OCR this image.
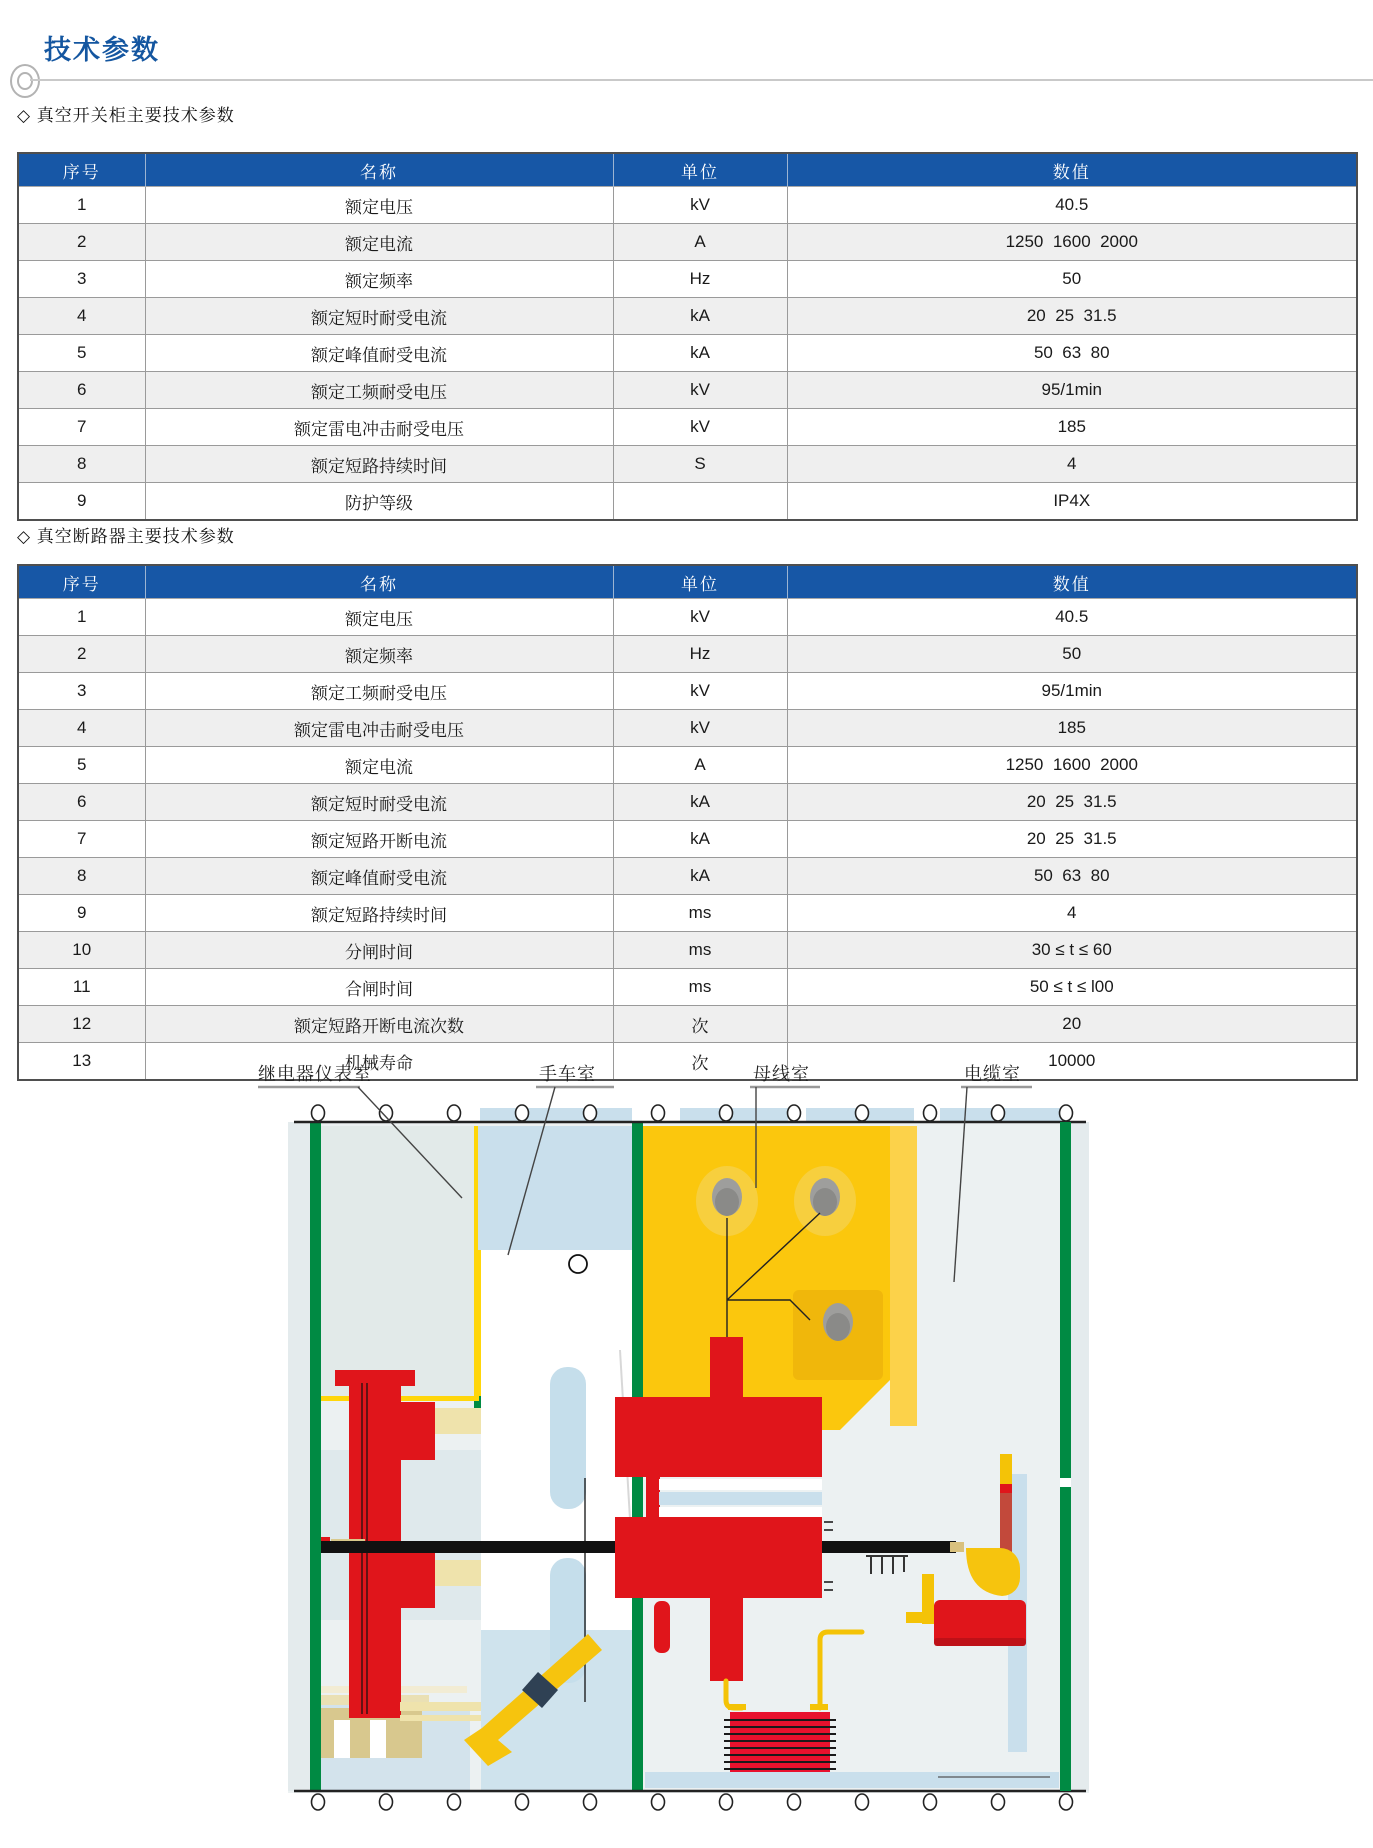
技术参数
◇ 真空开关柜主要技术参数
序号	名称	单位	数值
1	额定电压	kV	40.5
2	额定电流	A	1250  1600  2000
3	额定频率	Hz	50
4	额定短时耐受电流	kA	20  25  31.5
5	额定峰值耐受电流	kA	50  63  80
6	额定工频耐受电压	kV	95/1min
7	额定雷电冲击耐受电压	kV	185
8	额定短路持续时间	S	4
9	防护等级		IP4X
◇ 真空断路器主要技术参数
序号	名称	单位	数值
1	额定电压	kV	40.5
2	额定频率	Hz	50
3	额定工频耐受电压	kV	95/1min
4	额定雷电冲击耐受电压	kV	185
5	额定电流	A	1250  1600  2000
6	额定短时耐受电流	kA	20  25  31.5
7	额定短路开断电流	kA	20  25  31.5
8	额定峰值耐受电流	kA	50  63  80
9	额定短路持续时间	ms	4
10	分闸时间	ms	30 ≤ t ≤ 60
11	合闸时间	ms	50 ≤ t ≤ l00
12	额定短路开断电流次数	次	20
13	机械寿命	次	10000
继电器仪表室	手车室	母线室	电缆室
